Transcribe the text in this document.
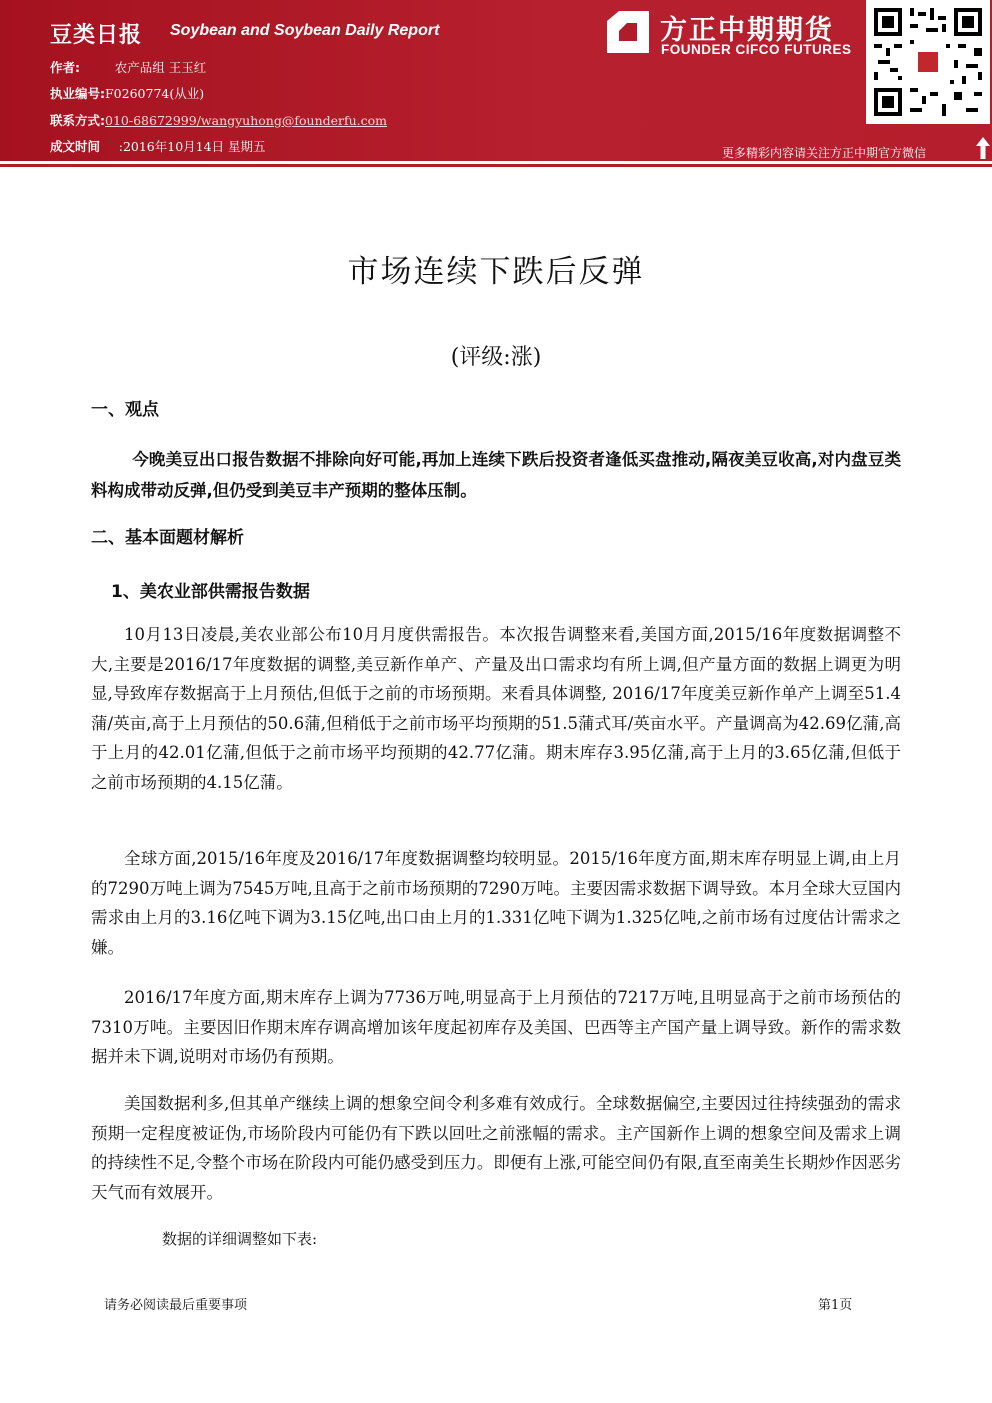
豆类日报 Soybean and Soybean Daily Report
作者:	农产品组 王玉红
执业编号:F0260774(从业)
联系方式:010-68672999/wangyuhong@founderfu.com
成文时间 :2016年10月14日 星期五
方正中期期货
FOUNDER CIFCO FUTURES
更多精彩内容请关注方正中期官方微信
市场连续下跌后反弹
(评级:涨)
一、观点
今晚美豆出口报告数据不排除向好可能,再加上连续下跌后投资者逢低买盘推动,隔夜美豆收高,对内盘豆类料构成带动反弹,但仍受到美豆丰产预期的整体压制。
二、基本面题材解析
1、美农业部供需报告数据
10月13日凌晨,美农业部公布10月月度供需报告。本次报告调整来看,美国方面,2015/16年度数据调整不大,主要是2016/17年度数据的调整,美豆新作单产、产量及出口需求均有所上调,但产量方面的数据上调更为明显,导致库存数据高于上月预估,但低于之前的市场预期。来看具体调整, 2016/17年度美豆新作单产上调至51.4蒲/英亩,高于上月预估的50.6蒲,但稍低于之前市场平均预期的51.5蒲式耳/英亩水平。产量调高为42.69亿蒲,高于上月的42.01亿蒲,但低于之前市场平均预期的42.77亿蒲。期末库存3.95亿蒲,高于上月的3.65亿蒲,但低于之前市场预期的4.15亿蒲。
全球方面,2015/16年度及2016/17年度数据调整均较明显。2015/16年度方面,期末库存明显上调,由上月的7290万吨上调为7545万吨,且高于之前市场预期的7290万吨。主要因需求数据下调导致。本月全球大豆国内需求由上月的3.16亿吨下调为3.15亿吨,出口由上月的1.331亿吨下调为1.325亿吨,之前市场有过度估计需求之嫌。
2016/17年度方面,期末库存上调为7736万吨,明显高于上月预估的7217万吨,且明显高于之前市场预估的7310万吨。主要因旧作期末库存调高增加该年度起初库存及美国、巴西等主产国产量上调导致。新作的需求数据并未下调,说明对市场仍有预期。
美国数据利多,但其单产继续上调的想象空间令利多难有效成行。全球数据偏空,主要因过往持续强劲的需求预期一定程度被证伪,市场阶段内可能仍有下跌以回吐之前涨幅的需求。主产国新作上调的想象空间及需求上调的持续性不足,令整个市场在阶段内可能仍感受到压力。即便有上涨,可能空间仍有限,直至南美生长期炒作因恶劣天气而有效展开。
数据的详细调整如下表:
请务必阅读最后重要事项	第1页
